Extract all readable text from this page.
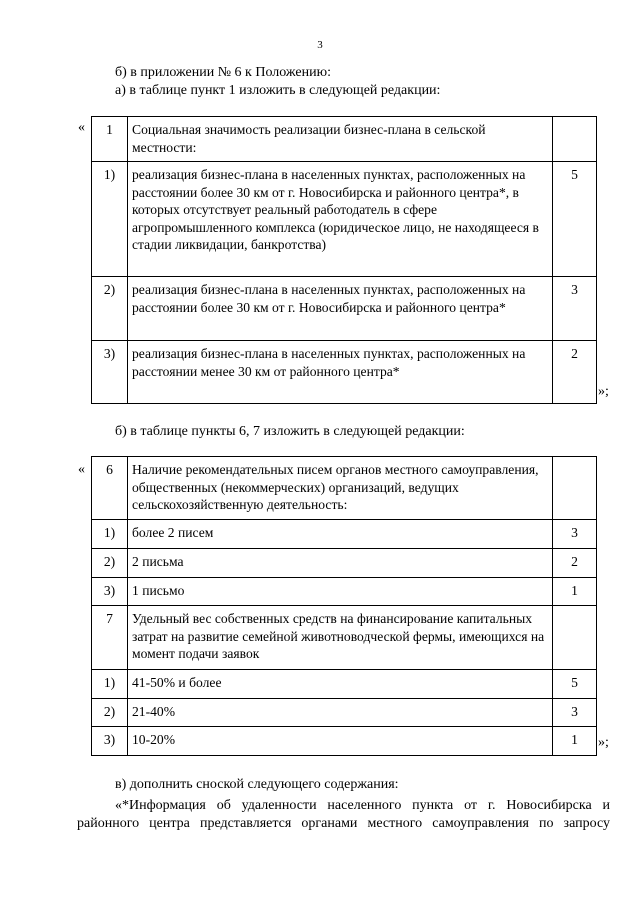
3
б) в приложении № 6 к Положению:
а) в таблице пункт 1 изложить в следующей редакции:
« 1	Социальная значимость реализации бизнес-плана в сельской местности:	
1)	реализация бизнес-плана в населенных пунктах, расположенных на расстоянии более 30 км от г. Новосибирска и районного центра*, в которых отсутствует реальный работодатель в сфере агропромышленного комплекса (юридическое лицо, не находящееся в стадии ликвидации, банкротства)	5
2)	реализация бизнес-плана в населенных пунктах, расположенных на расстоянии более 30 км от г. Новосибирска и районного центра*	3
3)	реализация бизнес-плана в населенных пунктах, расположенных на расстоянии менее 30 км от районного центра*	2
»;
б) в таблице пункты 6, 7 изложить в следующей редакции:
« 6	Наличие рекомендательных писем органов местного самоуправления, общественных (некоммерческих) организаций, ведущих сельскохозяйственную деятельность:	
1)	более 2 писем	3
2)	2 письма	2
3)	1 письмо	1
7	Удельный вес собственных средств на финансирование капитальных затрат на развитие семейной животноводческой фермы, имеющихся на момент подачи заявок	
1)	41-50% и более	5
2)	21-40%	3
3)	10-20%	1 »;
в) дополнить сноской следующего содержания:
«*Информация об удаленности населенного пункта от г. Новосибирска и
районного центра представляется органами местного самоуправления по запросу
